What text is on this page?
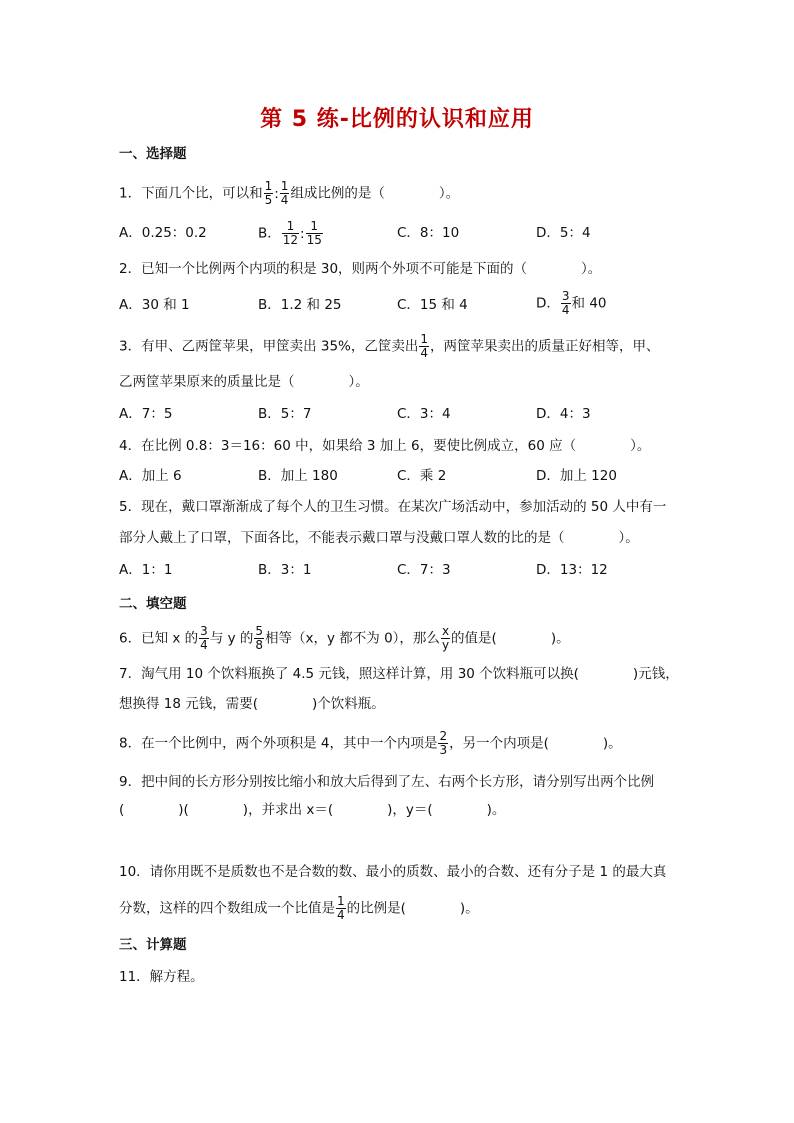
第 5 练-比例的认识和应用
一、选择题
1．下面几个比，可以和 $\frac{1}{5}$ : $\frac{1}{4}$ 组成比例的是（　　　　）。
A．0.25：0.2	B． $\frac{1}{12}$ : $\frac{1}{15}$	C．8：10	D．5：4
2．已知一个比例两个内项的积是 30，则两个外项不可能是下面的（　　　　）。
A．30 和 1	B．1.2 和 25	C．15 和 4	D． $\frac{3}{4}$ 和 40
3．有甲、乙两筐苹果，甲筐卖出 35%，乙筐卖出 $\frac{1}{4}$ ，两筐苹果卖出的质量正好相等，甲、
乙两筐苹果原来的质量比是（　　　　）。
A．7：5	B．5：7	C．3：4	D．4：3
4．在比例 0.8：3＝16：60 中，如果给 3 加上 6，要使比例成立，60 应（　　　　）。
A．加上 6	B．加上 180	C．乘 2	D．加上 120
5．现在，戴口罩渐渐成了每个人的卫生习惯。在某次广场活动中，参加活动的 50 人中有一
部分人戴上了口罩，下面各比，不能表示戴口罩与没戴口罩人数的比的是（　　　　）。
A．1：1	B．3：1	C．7：3	D．13：12
二、填空题
6．已知 x 的 $\frac{3}{4}$ 与 y 的 $\frac{5}{8}$ 相等（x，y 都不为 0），那么 $\frac{x}{y}$ 的值是(　　　　)。
7．淘气用 10 个饮料瓶换了 4.5 元钱，照这样计算，用 30 个饮料瓶可以换(　　　　)元钱，
想换得 18 元钱，需要(　　　　)个饮料瓶。
8．在一个比例中，两个外项积是 4，其中一个内项是 $\frac{2}{3}$ ，另一个内项是(　　　　)。
9．把中间的长方形分别按比缩小和放大后得到了左、右两个长方形，请分别写出两个比例
(　　　　)(　　　　)，并求出 x＝(　　　　)，y＝(　　　　)。
10．请你用既不是质数也不是合数的数、最小的质数、最小的合数、还有分子是 1 的最大真
分数，这样的四个数组成一个比值是 $\frac{1}{4}$ 的比例是(　　　　)。
三、计算题
11．解方程。
